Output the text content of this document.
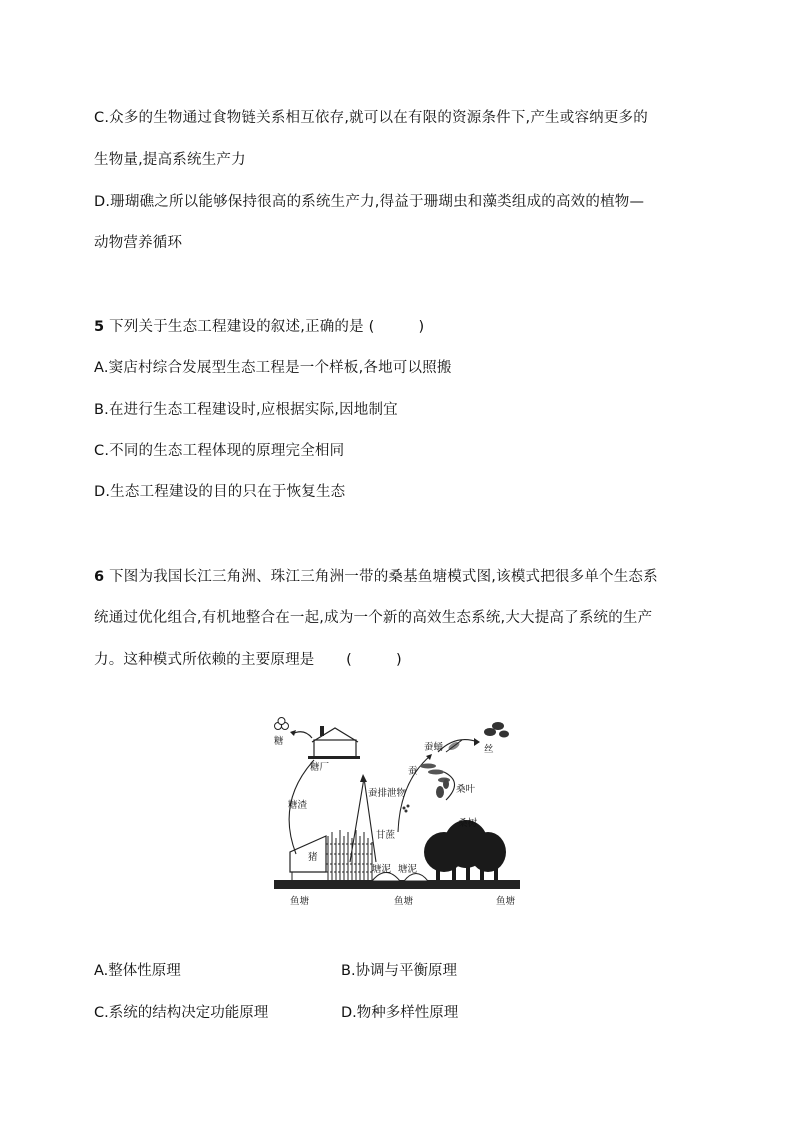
C.众多的生物通过食物链关系相互依存,就可以在有限的资源条件下,产生或容纳更多的
生物量,提高系统生产力
D.珊瑚礁之所以能够保持很高的系统生产力,得益于珊瑚虫和藻类组成的高效的植物—
动物营养循环
5 下列关于生态工程建设的叙述,正确的是 (	)
A.窦店村综合发展型生态工程是一个样板,各地可以照搬
B.在进行生态工程建设时,应根据实际,因地制宜
C.不同的生态工程体现的原理完全相同
D.生态工程建设的目的只在于恢复生态
6 下图为我国长江三角洲、珠江三角洲一带的桑基鱼塘模式图,该模式把很多单个生态系
统通过优化组合,有机地整合在一起,成为一个新的高效生态系统,大大提高了系统的生产
力。这种模式所依赖的主要原理是 (	)
糖
糖厂
糖渣
猪
甘蔗
塘泥 塘泥
蚕排泄物
蚕
蚕蛹	丝
桑叶
桑树
鱼塘	鱼塘	鱼塘
A.整体性原理	B.协调与平衡原理
C.系统的结构决定功能原理	D.物种多样性原理
